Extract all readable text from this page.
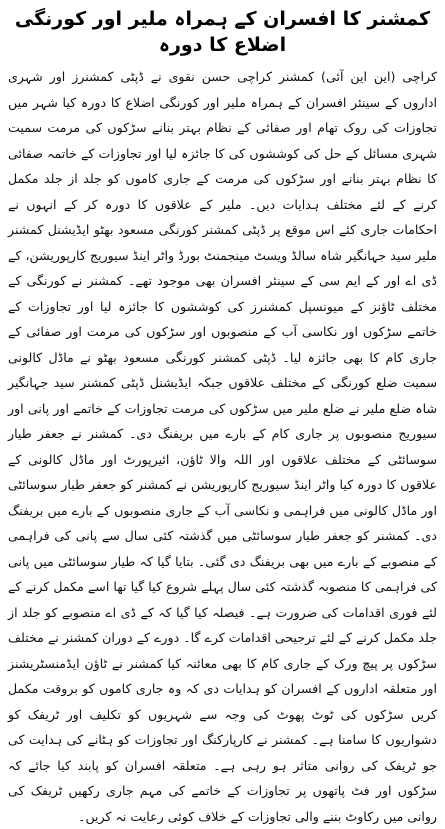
کمشنر کا افسران کے ہمراہ ملیر اور کورنگی اضلاع کا دورہ

کراچی (این این آئی) کمشنر کراچی حسن نقوی نے ڈپٹی کمشنرز اور شہری اداروں کے سینئر افسران کے ہمراہ ملیر اور کورنگی اضلاع کا دورہ کیا شہر میں تجاوزات کی روک تھام اور صفائی کے نظام بہتر بنانے سڑکوں کی مرمت سمیت شہری مسائل کے حل کی کوششوں کی کا جائزہ لیا اور تجاوزات کے خاتمہ صفائی کا نظام بہتر بنانے اور سڑکوں کی مرمت کے جاری کاموں کو جلد از جلد مکمل کرنے کے لئے مختلف ہدایات دیں۔ ملیر کے علاقوں کا دورہ کر کے انہوں نے احکامات جاری کئے اس موقع پر ڈپٹی کمشنر کورنگی مسعود بھٹو ایڈیشنل کمشنر ملیر سید جہانگیر شاہ سالڈ ویسٹ مینجمنٹ بورڈ واٹر اینڈ سیوریج کارپوریشن، کے ڈی اے اور کے ایم سی کے سینئر افسران بھی موجود تھے۔ کمشنر نے کورنگی کے مختلف ٹاؤنز کے میونسپل کمشنرز کی کوششوں کا جائزہ لیا اور تجاوزات کے خاتمے سڑکوں اور نکاسی آب کے منصوبوں اور سڑکوں کی مرمت اور صفائی کے جاری کام کا بھی جائزہ لیا۔ ڈپٹی کمشنر کورنگی مسعود بھٹو نے ماڈل کالونی سمیت ضلع کورنگی کے مختلف علاقوں جبکہ ایڈیشنل ڈپٹی کمشنر سید جہانگیر شاہ ضلع ملیر نے ضلع ملیر میں سڑکوں کی مرمت تجاوزات کے خاتمے اور پانی اور سیوریج منصوبوں پر جاری کام کے بارے میں بریفنگ دی۔ کمشنر نے جعفر طیار سوسائٹی کے مختلف علاقوں اور اللہ والا ٹاؤن، ائیرپورٹ اور ماڈل کالونی کے علاقوں کا دورہ کیا واٹر اینڈ سیوریج کارپوریشن نے کمشنر کو جعفر طیار سوسائٹی اور ماڈل کالونی میں فراہمی و نکاسی آب کے جاری منصوبوں کے بارے میں بریفنگ دی۔ کمشنر کو جعفر طیار سوسائٹی میں گذشتہ کئی سال سے پانی کی فراہمی کے منصوبے کے بارے میں بھی بریفنگ دی گئی۔ بتایا گیا کہ طیار سوسائٹی میں پانی کی فراہمی کا منصوبہ گذشتہ کئی سال پہلے شروع کیا گیا تھا اسے مکمل کرنے کے لئے فوری اقدامات کی ضرورت ہے۔ فیصلہ کیا گیا کہ کے ڈی اے منصوبے کو جلد از جلد مکمل کرنے کے لئے ترجیحی اقدامات کرے گا۔ دورے کے دوران کمشنر نے مختلف سڑکوں پر پیچ ورک کے جاری کام کا بھی معائنہ کیا کمشنر نے ٹاؤن ایڈمنسٹریشنز اور متعلقہ اداروں کے افسران کو ہدایات دی کہ وہ جاری کاموں کو بروقت مکمل کریں سڑکوں کی ٹوٹ پھوٹ کی وجہ سے شہریوں کو تکلیف اور ٹریفک کو دشواریوں کا سامنا ہے۔ کمشنر نے کارپارکنگ اور تجاوزات کو ہٹانے کی ہدایت کی جو ٹریفک کی روانی متاثر ہو رہی ہے۔ متعلقہ افسران کو پابند کیا جائے کہ سڑکوں اور فٹ پاتھوں پر تجاوزات کے خاتمے کی مہم جاری رکھیں ٹریفک کی روانی میں رکاوٹ بننے والی تجاوزات کے خلاف کوئی رعایت نہ کریں۔
